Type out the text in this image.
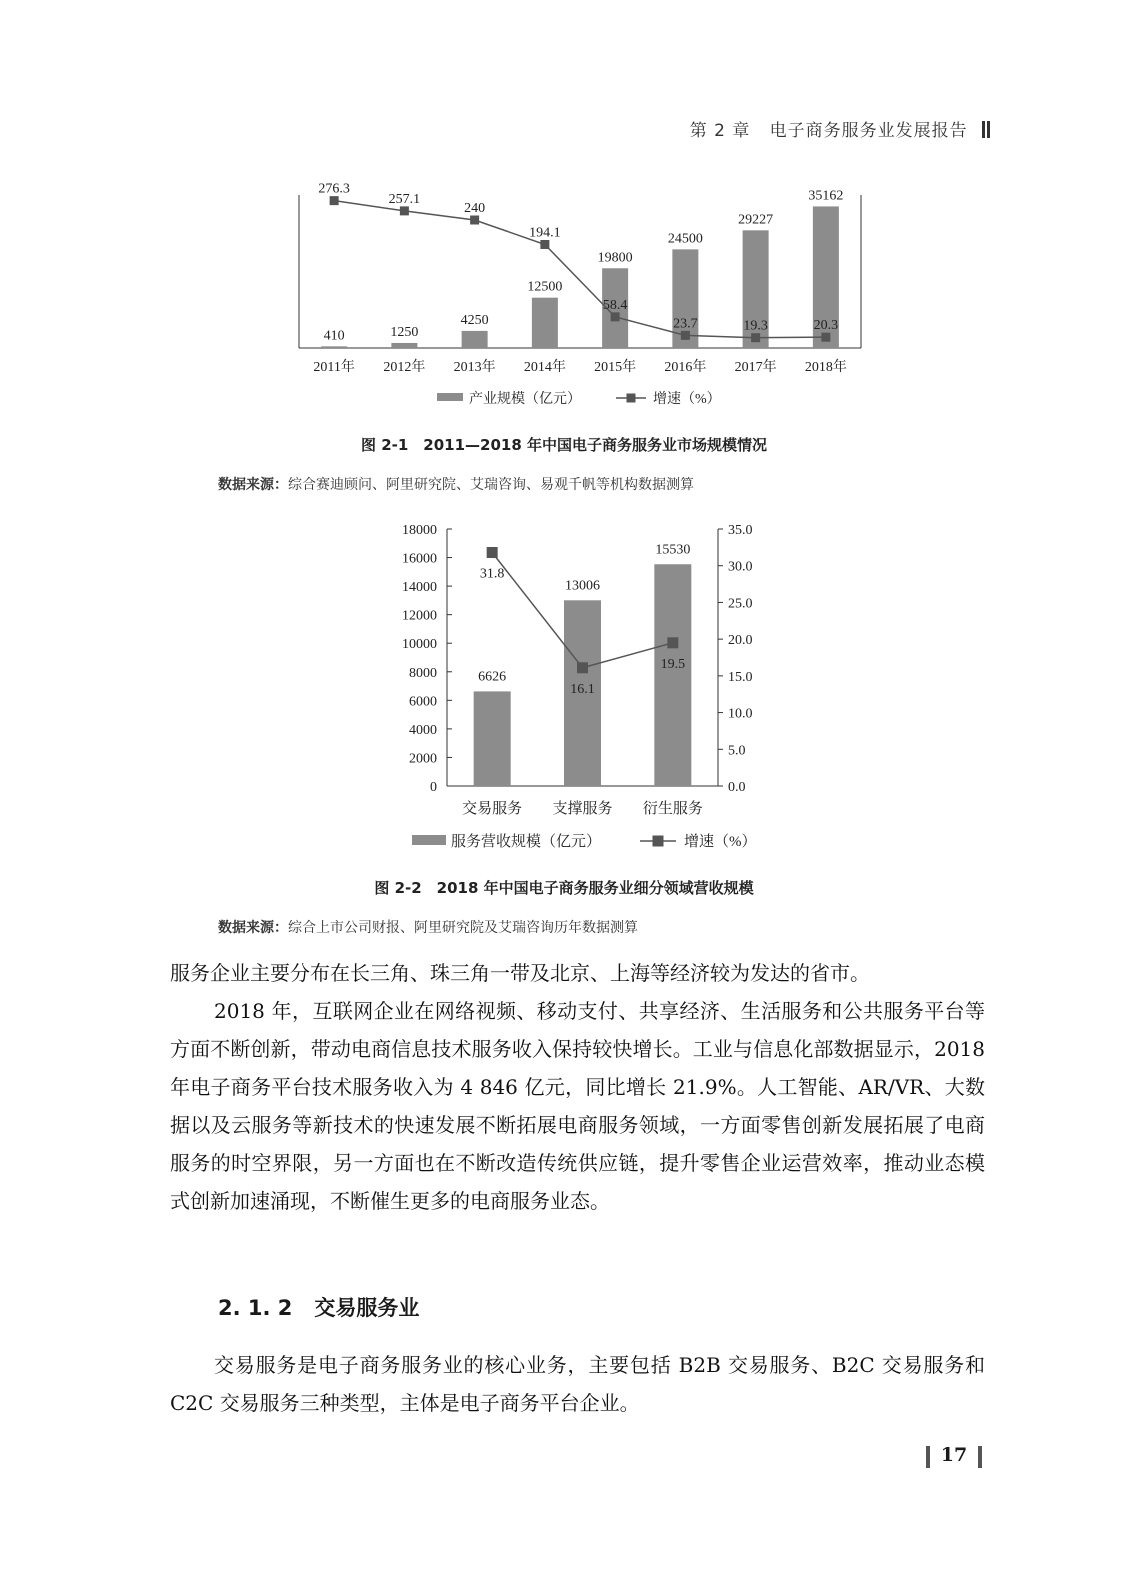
第 2 章 电子商务服务业发展报告
410	1250
4250
12500
19800
24500
29227
35162
276.3
257.1
240
194.1
58.4
23.7	19.3	20.3
2011年 2012年 2013年 2014年 2015年 2016年 2017年 2018年
产业规模（亿元）	增速（%）
图 2-1　2011—2018 年中国电子商务服务业市场规模情况
数据来源：综合赛迪顾问、阿里研究院、艾瑞咨询、易观千帆等机构数据测算
0
2000
4000
6000
8000
10000
12000
14000
16000
18000
0.0
5.0
10.0
15.0
20.0
25.0
30.0
35.0
6626
13006
15530
31.8
16.1
19.5
交易服务 支撑服务 衍生服务
服务营收规模（亿元）	增速（%）
图 2-2　2018 年中国电子商务服务业细分领域营收规模
数据来源：综合上市公司财报、阿里研究院及艾瑞咨询历年数据测算
服务企业主要分布在长三角、珠三角一带及北京、上海等经济较为发达的省市。
2018 年，互联网企业在网络视频、移动支付、共享经济、生活服务和公共服务平台等方面不断创新，带动电商信息技术服务收入保持较快增长。工业与信息化部数据显示，2018 年电子商务平台技术服务收入为 4 846 亿元，同比增长 21.9%。人工智能、AR/VR、大数据以及云服务等新技术的快速发展不断拓展电商服务领域，一方面零售创新发展拓展了电商服务的时空界限，另一方面也在不断改造传统供应链，提升零售企业运营效率，推动业态模式创新加速涌现，不断催生更多的电商服务业态。
2. 1. 2 交易服务业
交易服务是电子商务服务业的核心业务，主要包括 B2B 交易服务、B2C 交易服务和 C2C 交易服务三种类型，主体是电子商务平台企业。
17
